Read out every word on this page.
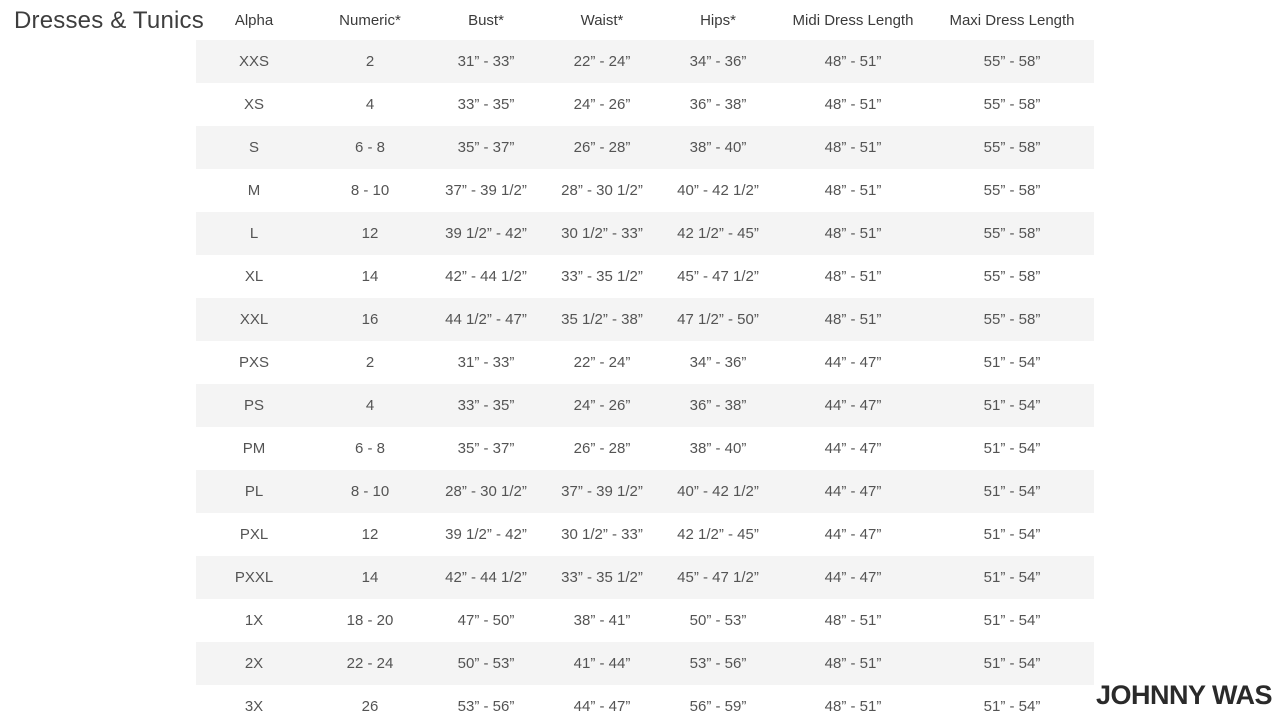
Dresses & Tunics Alpha	Numeric*	Bust*	Waist*	Hips*	Midi Dress Length	Maxi Dress Length
XXS	2	31” - 33”	22” - 24”	34” - 36”	48” - 51”	55” - 58”
XS	4	33” - 35”	24” - 26”	36” - 38”	48” - 51”	55” - 58”
S	6 - 8	35” - 37”	26” - 28”	38” - 40”	48” - 51”	55” - 58”
M	8 - 10	37” - 39 1/2”	28” - 30 1/2”	40” - 42 1/2”	48” - 51”	55” - 58”
L	12	39 1/2” - 42”	30 1/2” - 33”	42 1/2” - 45”	48” - 51”	55” - 58”
XL	14	42” - 44 1/2”	33” - 35 1/2”	45” - 47 1/2”	48” - 51”	55” - 58”
XXL	16	44 1/2” - 47”	35 1/2” - 38”	47 1/2” - 50”	48” - 51”	55” - 58”
PXS	2	31” - 33”	22” - 24”	34” - 36”	44” - 47”	51” - 54”
PS	4	33” - 35”	24” - 26”	36” - 38”	44” - 47”	51” - 54”
PM	6 - 8	35” - 37”	26” - 28”	38” - 40”	44” - 47”	51” - 54”
PL	8 - 10	28” - 30 1/2”	37” - 39 1/2”	40” - 42 1/2”	44” - 47”	51” - 54”
PXL	12	39 1/2” - 42”	30 1/2” - 33”	42 1/2” - 45”	44” - 47”	51” - 54”
PXXL	14	42” - 44 1/2”	33” - 35 1/2”	45” - 47 1/2”	44” - 47”	51” - 54”
1X	18 - 20	47” - 50”	38” - 41”	50” - 53”	48” - 51”	51” - 54”
2X	22 - 24	50” - 53”	41” - 44”	53” - 56”	48” - 51”	51” - 54”
3X	26	53” - 56”	44” - 47”	56” - 59”	48” - 51”	51” - 54” JOHNNY WAS
